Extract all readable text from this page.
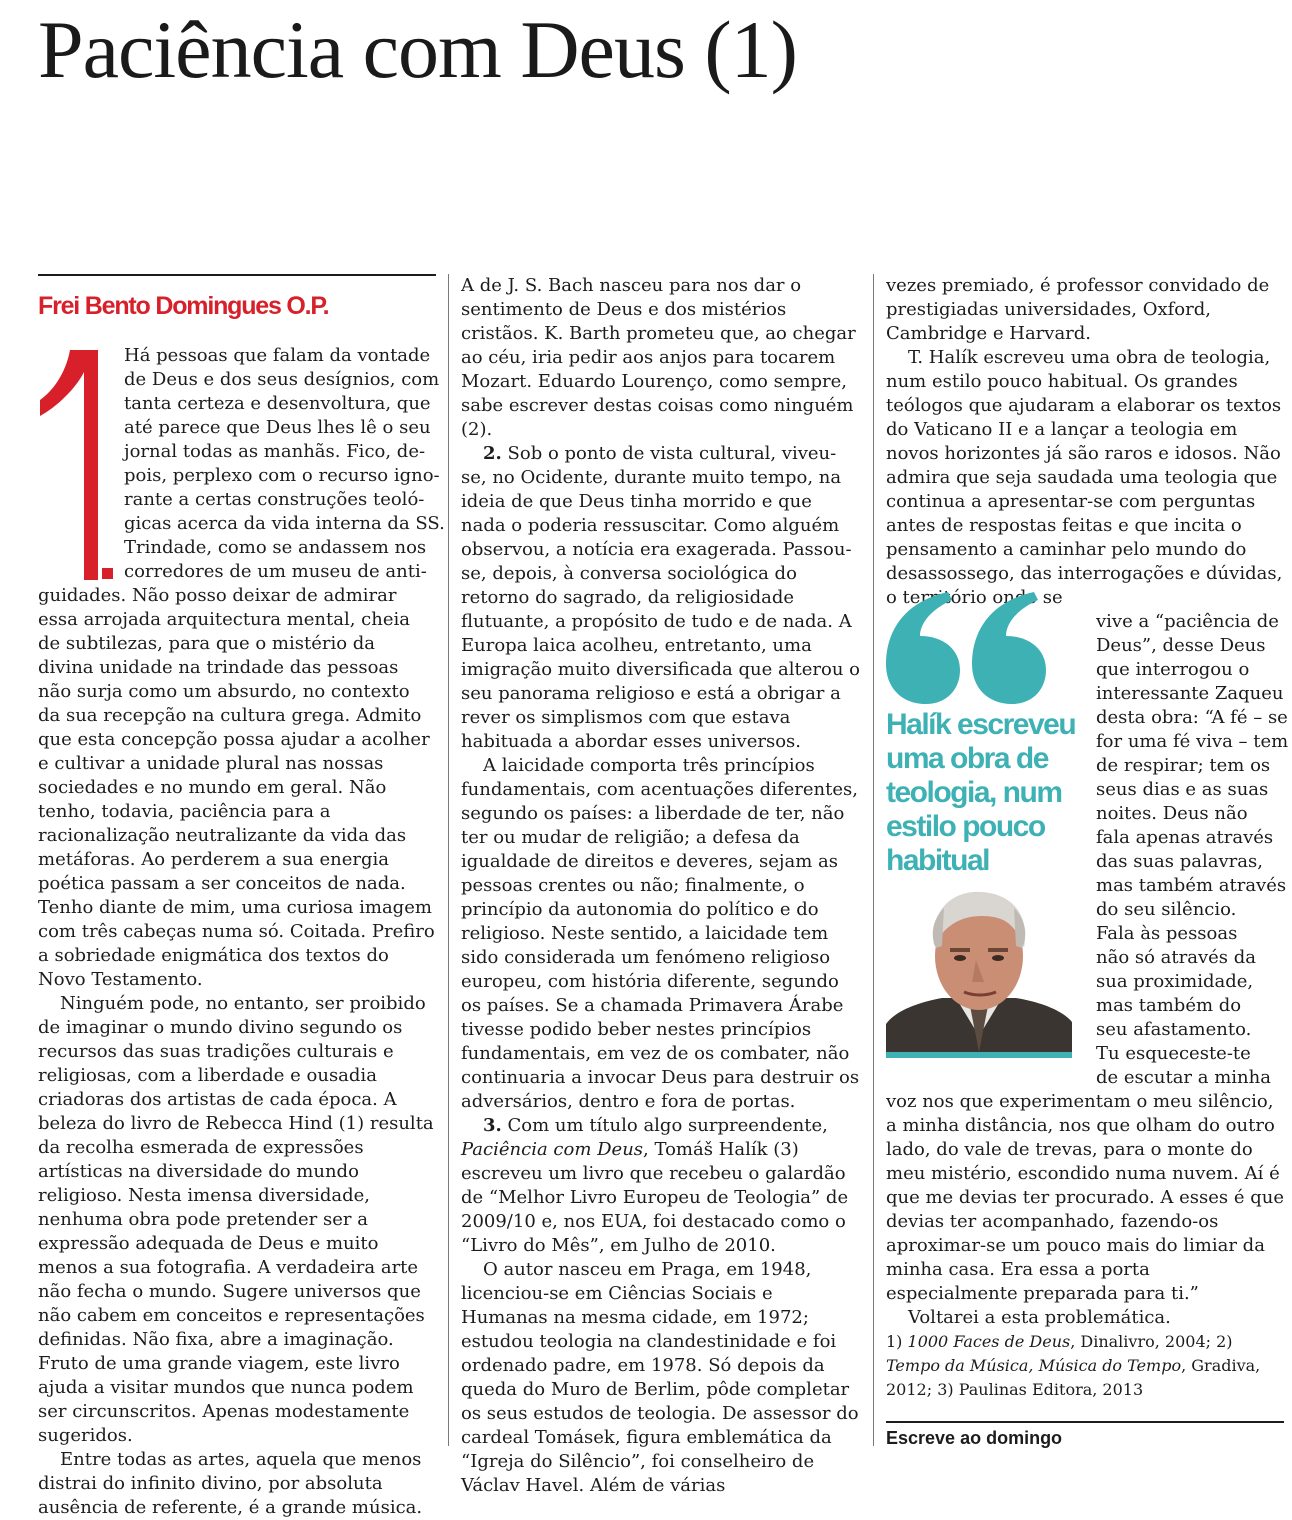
Paciência com Deus (1)
Frei Bento Domingues O.P.
Há pessoas que falam da vontade
de Deus e dos seus desígnios, com
tanta certeza e desenvoltura, que
até parece que Deus lhes lê o seu
jornal todas as manhãs. Fico, de-
pois, perplexo com o recurso igno-
rante a certas construções teoló-
gicas acerca da vida interna da SS.
Trindade, como se andassem nos
corredores de um museu de anti-

guidades. Não posso deixar de admirar essa arrojada arquitectura mental, cheia de subtilezas, para que o mistério da divina unidade na trindade das pessoas não surja como um absurdo, no contexto da sua recepção na cultura grega. Admito que esta concepção possa ajudar a acolher e cultivar a unidade plural nas nossas sociedades e no mundo em geral. Não tenho, todavia, paciência para a racionalização neutralizante da vida das metáforas. Ao perderem a sua energia poética passam a ser conceitos de nada. Tenho diante de mim, uma curiosa imagem com três cabeças numa só. Coitada. Prefiro a sobriedade enigmática dos textos do Novo Testamento.

Ninguém pode, no entanto, ser proibido de imaginar o mundo divino segundo os recursos das suas tradições culturais e religiosas, com a liberdade e ousadia criadoras dos artistas de cada época. A beleza do livro de Rebecca Hind (1) resulta da recolha esmerada de expressões artísticas na diversidade do mundo religioso. Nesta imensa diversidade, nenhuma obra pode pretender ser a expressão adequada de Deus e muito menos a sua fotografia. A verdadeira arte não fecha o mundo. Sugere universos que não cabem em conceitos e representações definidas. Não fixa, abre a imaginação. Fruto de uma grande viagem, este livro ajuda a visitar mundos que nunca podem ser circunscritos. Apenas modestamente sugeridos.

Entre todas as artes, aquela que menos distrai do infinito divino, por absoluta ausência de referente, é a grande música.

A de J. S. Bach nasceu para nos dar o sentimento de Deus e dos mistérios cristãos. K. Barth prometeu que, ao chegar ao céu, iria pedir aos anjos para tocarem Mozart. Eduardo Lourenço, como sempre, sabe escrever destas coisas como ninguém (2).

2. Sob o ponto de vista cultural, viveu-se, no Ocidente, durante muito tempo, na ideia de que Deus tinha morrido e que nada o poderia ressuscitar. Como alguém observou, a notícia era exagerada. Passou-se, depois, à conversa sociológica do retorno do sagrado, da religiosidade flutuante, a propósito de tudo e de nada. A Europa laica acolheu, entretanto, uma imigração muito diversificada que alterou o seu panorama religioso e está a obrigar a rever os simplismos com que estava habituada a abordar esses universos.

A laicidade comporta três princípios fundamentais, com acentuações diferentes, segundo os países: a liberdade de ter, não ter ou mudar de religião; a defesa da igualdade de direitos e deveres, sejam as pessoas crentes ou não; finalmente, o princípio da autonomia do político e do religioso. Neste sentido, a laicidade tem sido considerada um fenómeno religioso europeu, com história diferente, segundo os países. Se a chamada Primavera Árabe tivesse podido beber nestes princípios fundamentais, em vez de os combater, não continuaria a invocar Deus para destruir os adversários, dentro e fora de portas.

3. Com um título algo surpreendente, Paciência com Deus, Tomáš Halík (3) escreveu um livro que recebeu o galardão de “Melhor Livro Europeu de Teologia” de 2009/10 e, nos EUA, foi destacado como o “Livro do Mês”, em Julho de 2010.

O autor nasceu em Praga, em 1948, licenciou-se em Ciências Sociais e Humanas na mesma cidade, em 1972; estudou teologia na clandestinidade e foi ordenado padre, em 1978. Só depois da queda do Muro de Berlim, pôde completar os seus estudos de teologia. De assessor do cardeal Tomásek, figura emblemática da “Igreja do Silêncio”, foi conselheiro de Václav Havel. Além de várias

vezes premiado, é professor convidado de prestigiadas universidades, Oxford, Cambridge e Harvard.

T. Halík escreveu uma obra de teologia, num estilo pouco habitual. Os grandes teólogos que ajudaram a elaborar os textos do Vaticano II e a lançar a teologia em novos horizontes já são raros e idosos. Não admira que seja saudada uma teologia que continua a apresentar-se com perguntas antes de respostas feitas e que incita o pensamento a caminhar pelo mundo do desassossego, das interrogações e dúvidas, o território onde se

vive a “paciência de
Deus”, desse Deus
que interrogou o
interessante Zaqueu
desta obra: “A fé – se
for uma fé viva – tem
de respirar; tem os
seus dias e as suas
noites. Deus não
fala apenas através
das suas palavras,
mas também através
do seu silêncio.
Fala às pessoas
não só através da
sua proximidade,
mas também do
seu afastamento.
Tu esqueceste-te
de escutar a minha

voz nos que experimentam o meu silêncio, a minha distância, nos que olham do outro lado, do vale de trevas, para o monte do meu mistério, escondido numa nuvem. Aí é que me devias ter procurado. A esses é que devias ter acompanhado, fazendo-os aproximar-se um pouco mais do limiar da minha casa. Era essa a porta especialmente preparada para ti.”

Voltarei a esta problemática.

Halík escreveu uma obra de teologia, num estilo pouco habitual
1) 1000 Faces de Deus, Dinalivro, 2004; 2) Tempo da Música, Música do Tempo, Gradiva, 2012; 3) Paulinas Editora, 2013
Escreve ao domingo
